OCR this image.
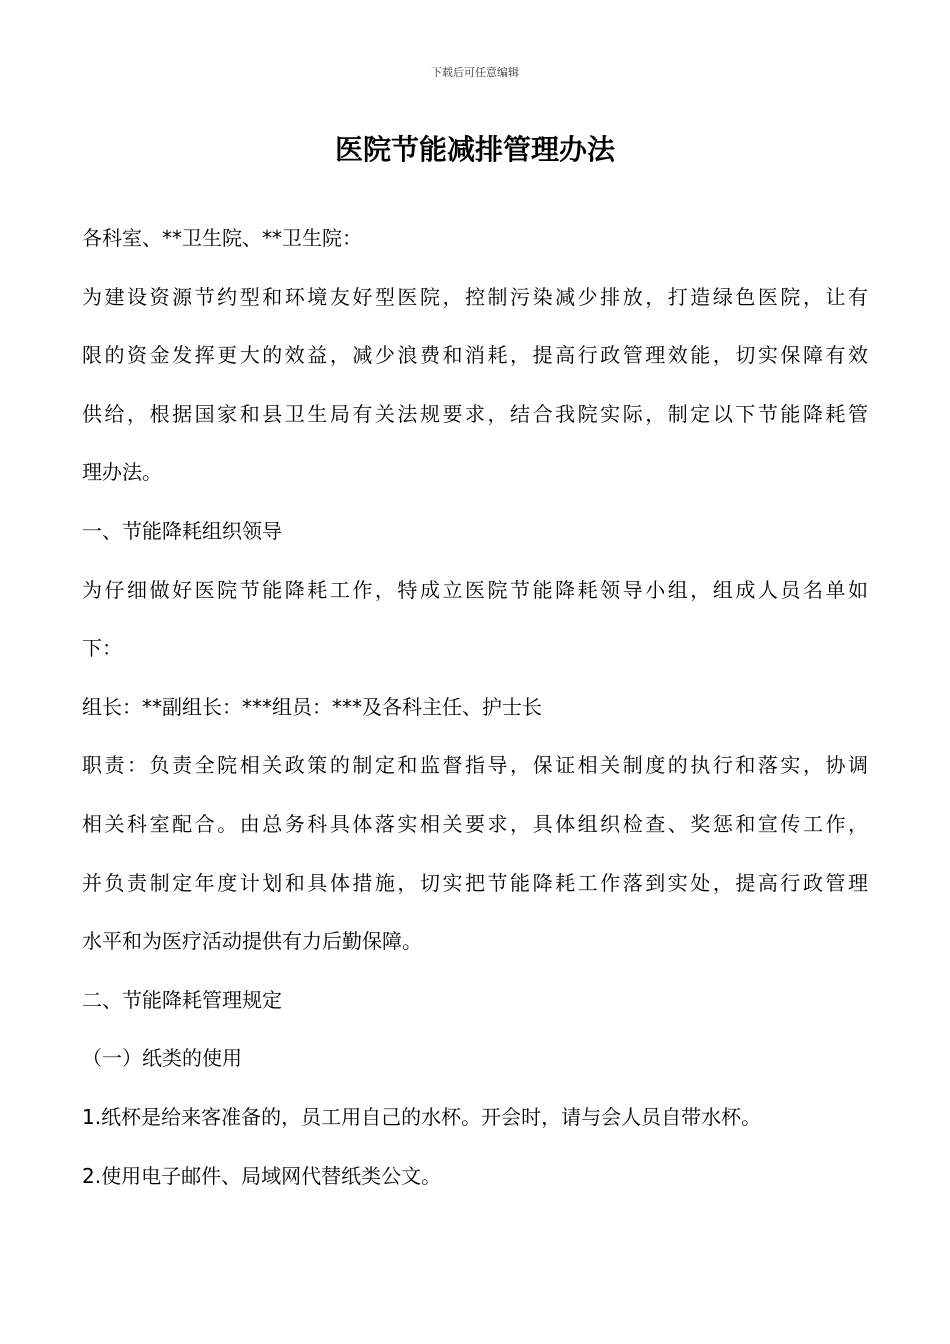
下载后可任意编辑
医院节能减排管理办法
各科室、**卫生院、**卫生院：
为建设资源节约型和环境友好型医院，控制污染减少排放，打造绿色医院，让有
限的资金发挥更大的效益，减少浪费和消耗，提高行政管理效能，切实保障有效
供给，根据国家和县卫生局有关法规要求，结合我院实际，制定以下节能降耗管
理办法。
一、节能降耗组织领导
为仔细做好医院节能降耗工作，特成立医院节能降耗领导小组，组成人员名单如
下：
组长：**副组长：***组员：***及各科主任、护士长
职责：负责全院相关政策的制定和监督指导，保证相关制度的执行和落实，协调
相关科室配合。由总务科具体落实相关要求，具体组织检查、奖惩和宣传工作，
并负责制定年度计划和具体措施，切实把节能降耗工作落到实处，提高行政管理
水平和为医疗活动提供有力后勤保障。
二、节能降耗管理规定
（一）纸类的使用
1.纸杯是给来客准备的，员工用自己的水杯。开会时，请与会人员自带水杯。
2.使用电子邮件、局域网代替纸类公文。
